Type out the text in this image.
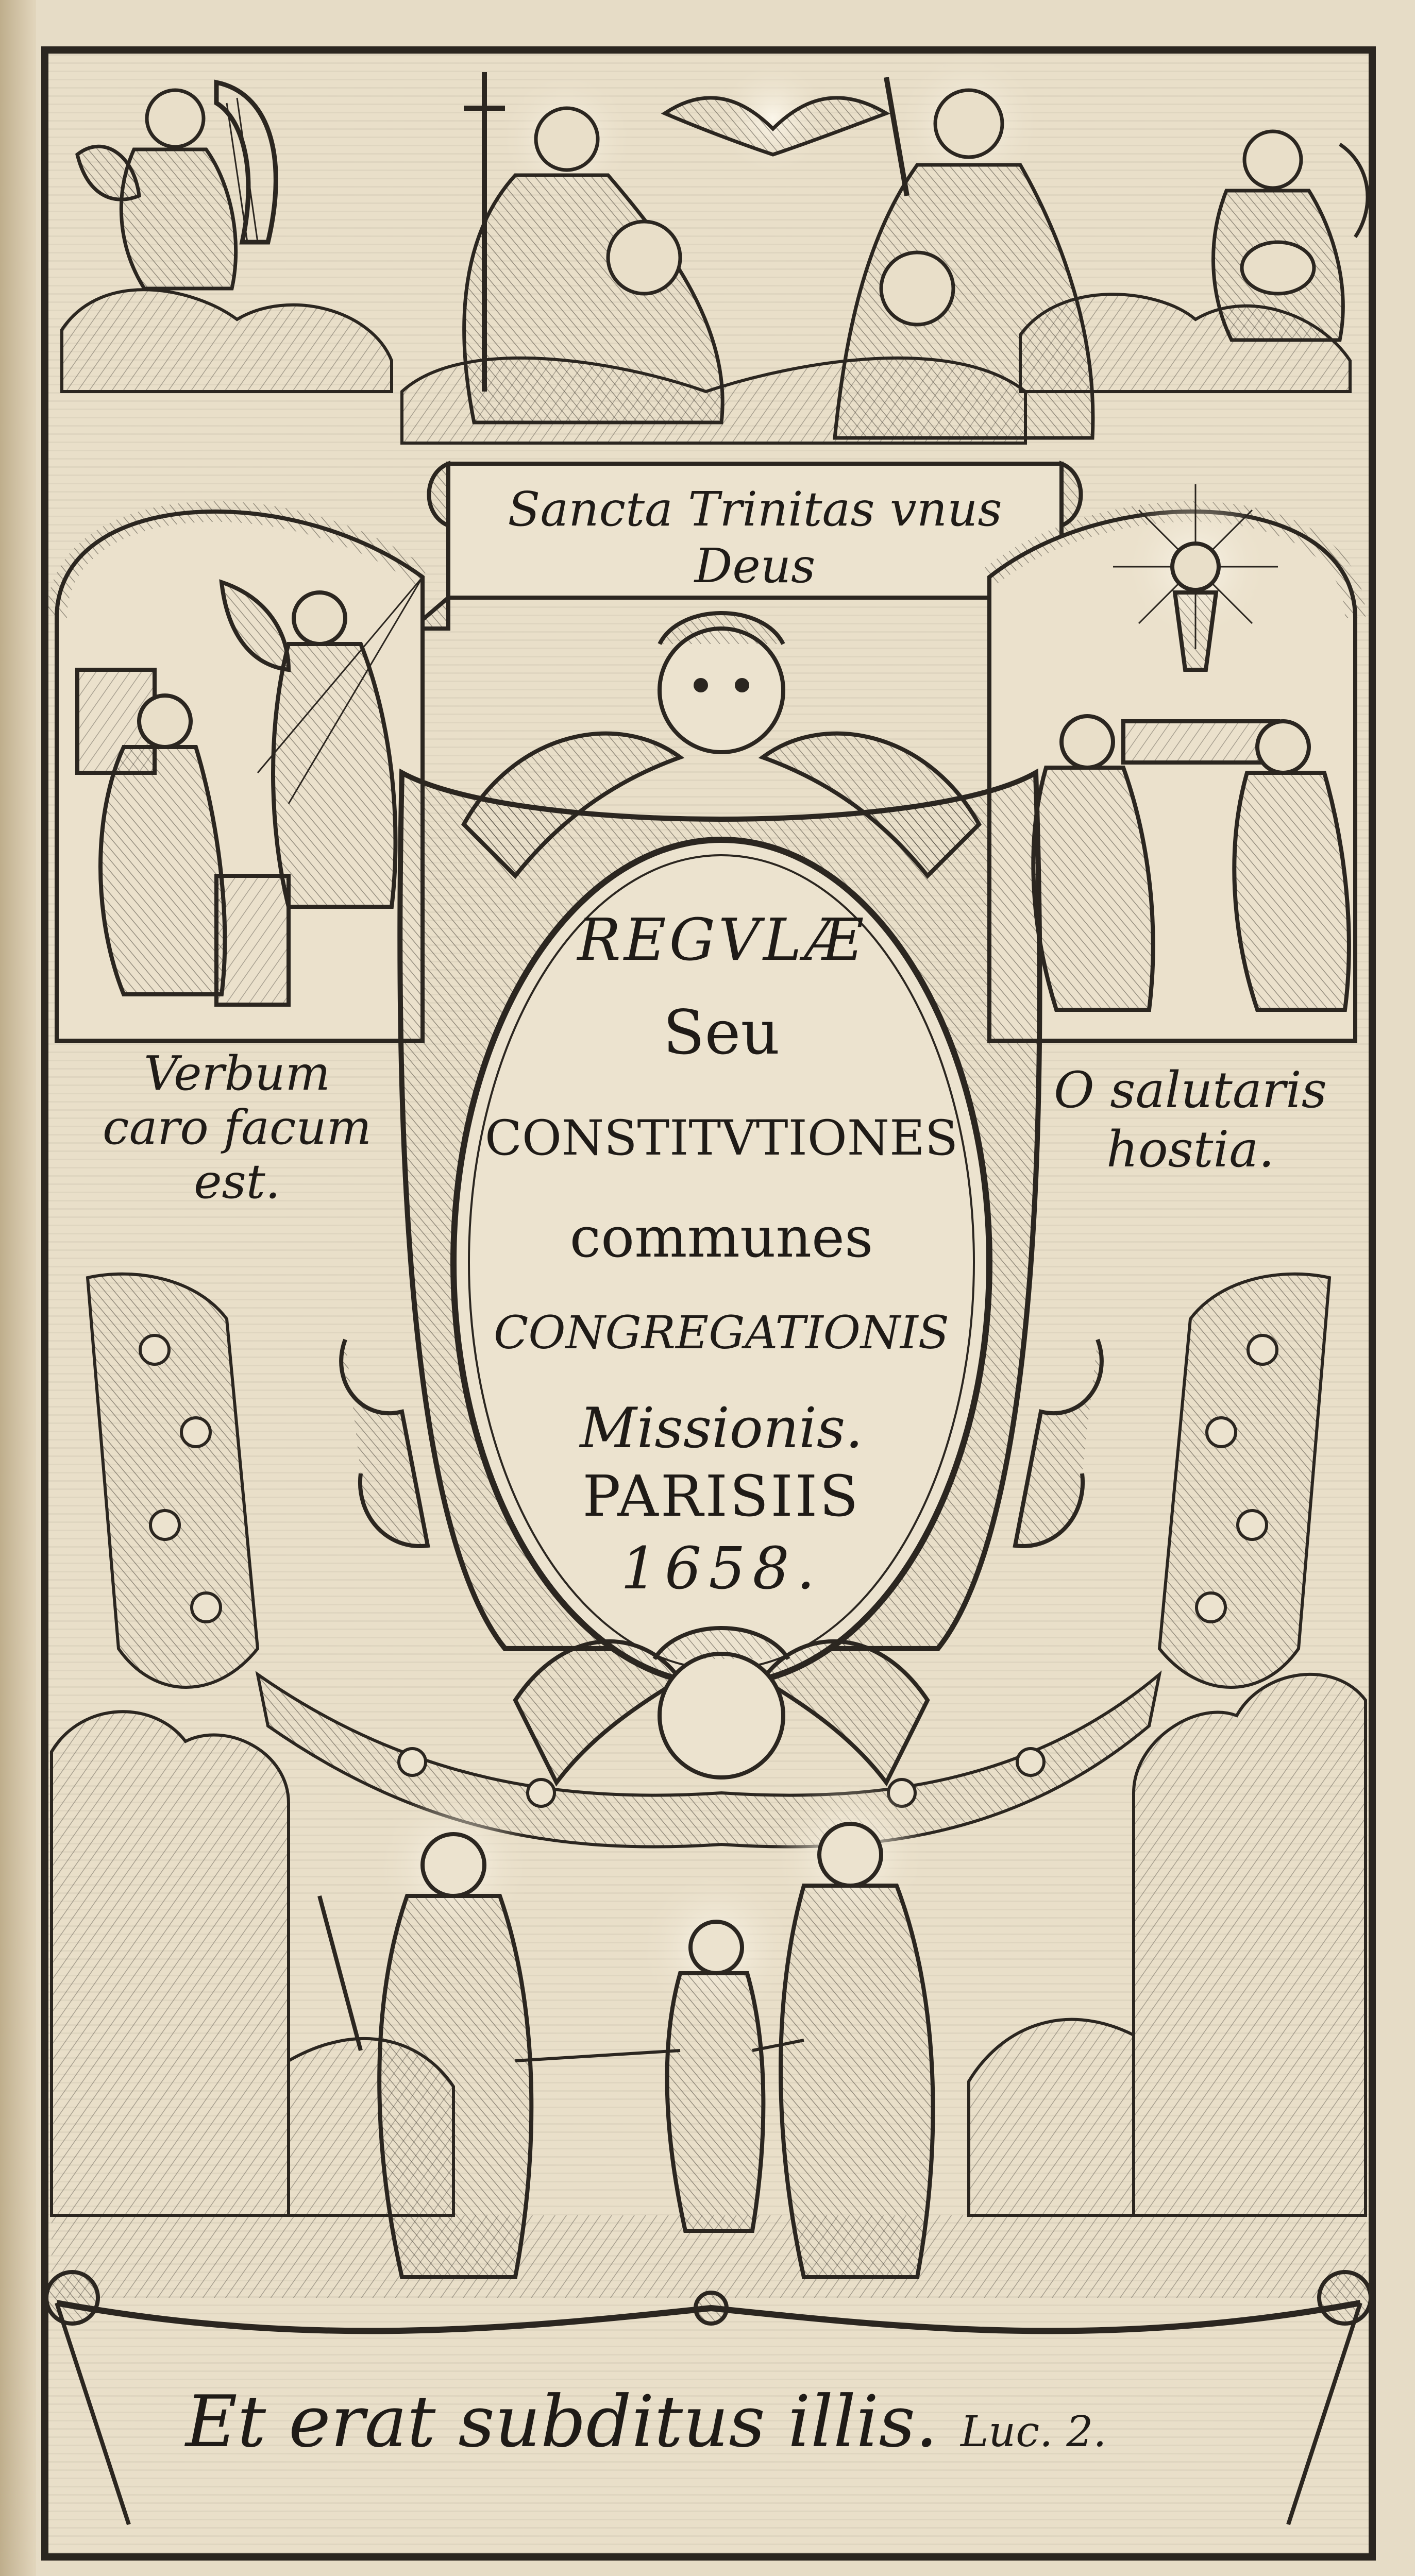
Sancta Trinitas vnus
Deus
Verbum
caro facum
est.
O salutaris
hostia.
REGVLÆ
Seu
CONSTITVTIONES
communes
CONGREGATIONIS
Missionis.
PARISIIS
1658.
Et erat subditus illis. Luc. 2.
